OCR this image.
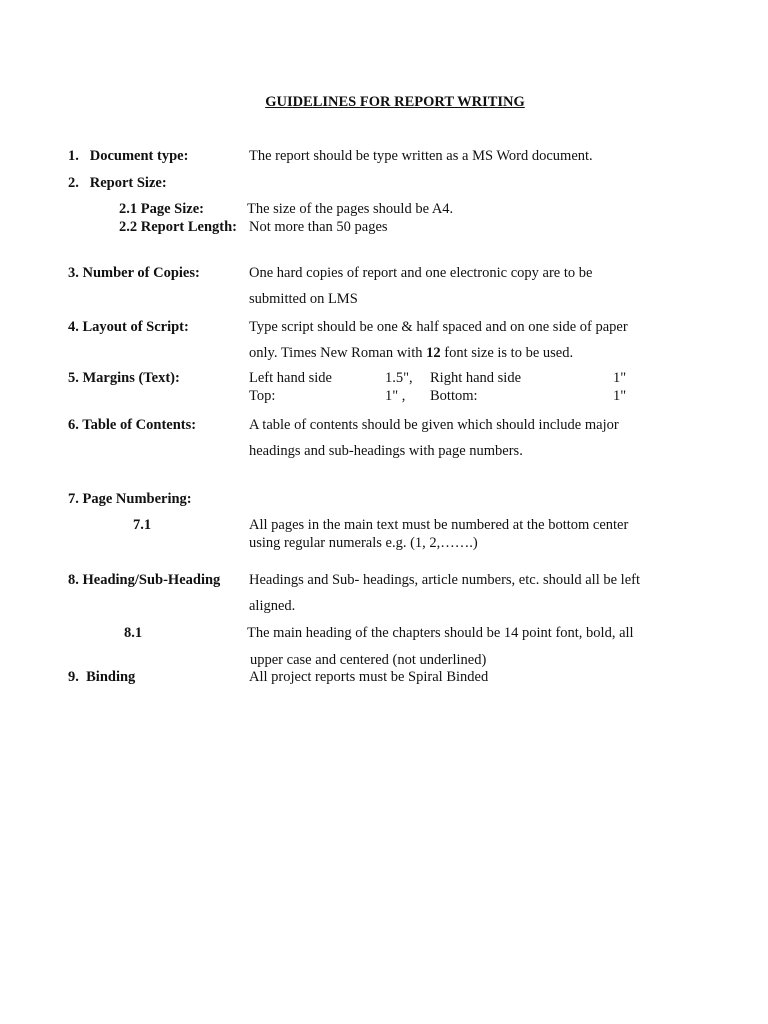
GUIDELINES FOR REPORT WRITING
1.   Document type:	The report should be type written as a MS Word document.
2.   Report Size:
2.1 Page Size:	The size of the pages should be A4.
2.2 Report Length: Not more than 50 pages
3. Number of Copies:	One hard copies of report and one electronic copy are to be
submitted on LMS
4. Layout of Script:	Type script should be one & half spaced and on one side of paper
only. Times New Roman with 12 font size is to be used.
5. Margins (Text):	Left hand side	1.5", Right hand side	1"
Top:	1" , Bottom:	1"
6. Table of Contents:	A table of contents should be given which should include major
headings and sub-headings with page numbers.
7. Page Numbering:
7.1	All pages in the main text must be numbered at the bottom center
using regular numerals e.g. (1, 2,…….)
8. Heading/Sub-Heading Headings and Sub- headings, article numbers, etc. should all be left
aligned.
8.1	The main heading of the chapters should be 14 point font, bold, all
upper case and centered (not underlined)
9.  Binding	All project reports must be Spiral Binded
